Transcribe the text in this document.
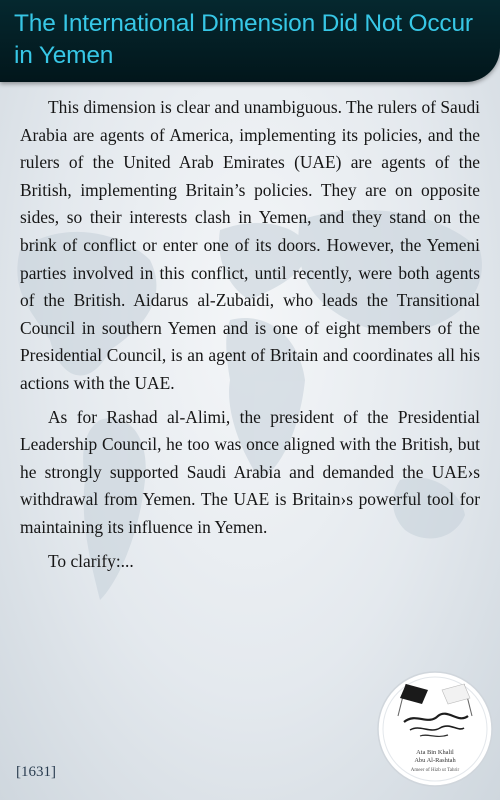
The International Dimension Did Not Occur in Yemen

This dimension is clear and unambiguous. The rulers of Saudi Arabia are agents of America, implementing its policies, and the rulers of the United Arab Emirates (UAE) are agents of the British, implementing Britain’s policies. They are on opposite sides, so their interests clash in Yemen, and they stand on the brink of conflict or enter one of its doors. However, the Yemeni parties involved in this conflict, until recently, were both agents of the British. Aidarus al-Zubaidi, who leads the Transitional Council in southern Yemen and is one of eight members of the Presidential Council, is an agent of Britain and coordinates all his actions with the UAE.

As for Rashad al-Alimi, the president of the Presidential Leadership Council, he too was once aligned with the British, but he strongly supported Saudi Arabia and demanded the UAE›s withdrawal from Yemen. The UAE is Britain›s powerful tool for maintaining its influence in Yemen.

To clarify:...

Ata Bin Khalil
Abu Al-Rashtah
Ameer of Hizb ut Tahrir
[1631]
